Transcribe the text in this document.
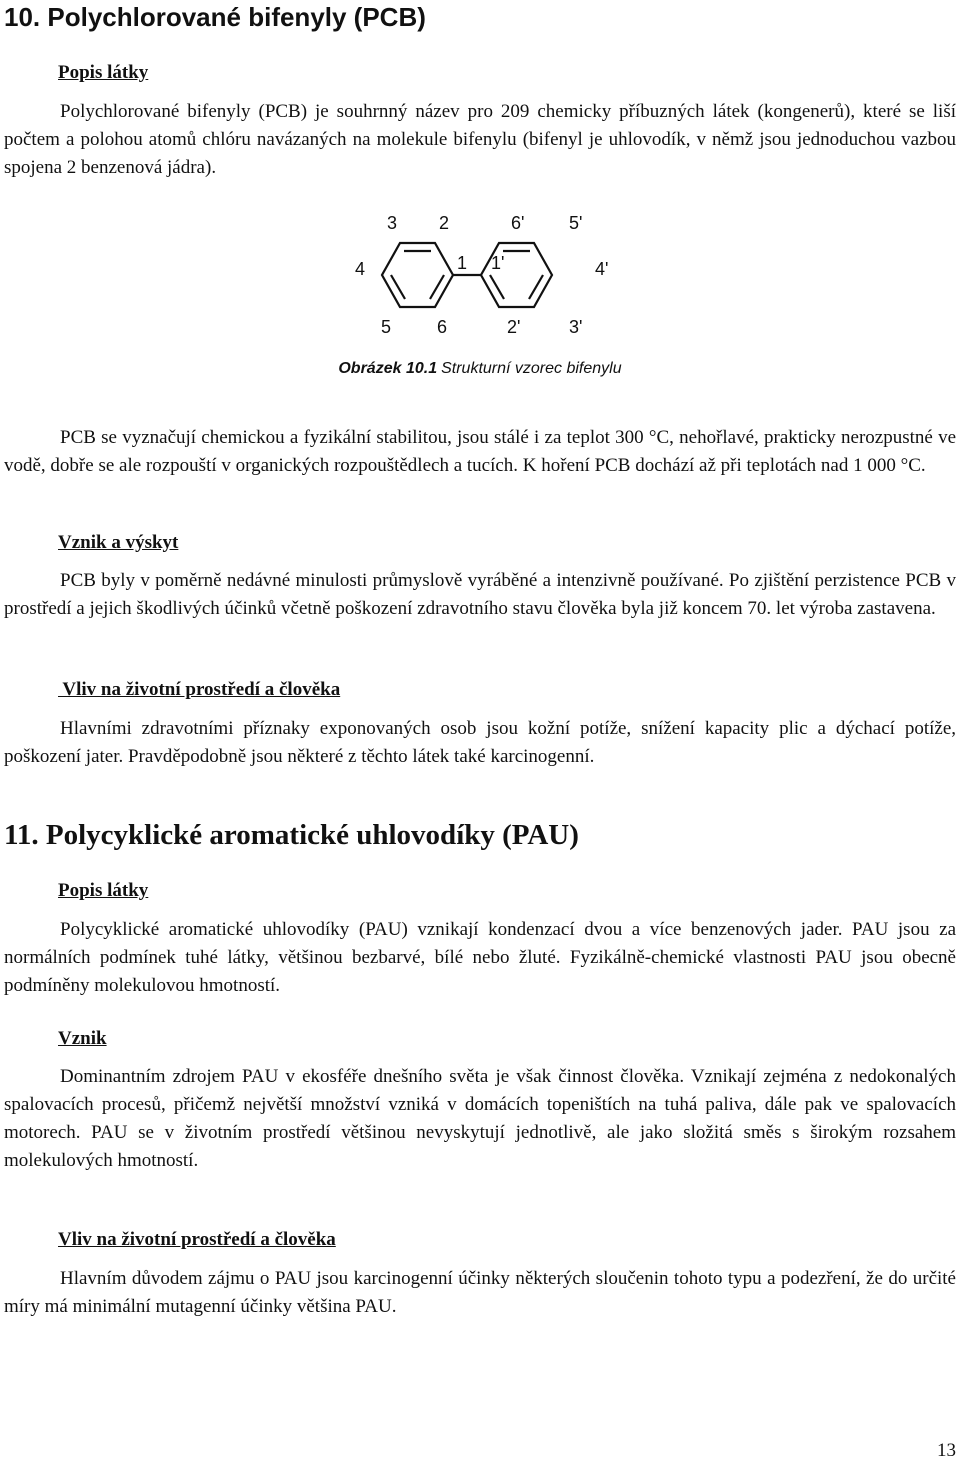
10. Polychlorované bifenyly (PCB)
Popis látky

Polychlorované bifenyly (PCB) je souhrnný název pro 209 chemicky příbuzných látek (kongenerů), které se liší počtem a polohou atomů chlóru navázaných na molekule bifenylu (bifenyl je uhlovodík, v němž jsou jednoduchou vazbou spojena 2 benzenová jádra).

3 2	6' 5'
4	1 1'	4'
5	6	2'	3'

Obrázek 10.1 Strukturní vzorec bifenylu

PCB se vyznačují chemickou a fyzikální stabilitou, jsou stálé i za teplot 300 °C, nehořlavé, prakticky nerozpustné ve vodě, dobře se ale rozpouští v organických rozpouštědlech a tucích. K hoření PCB dochází až při teplotách nad 1 000 °C.

Vznik a výskyt

PCB byly v poměrně nedávné minulosti průmyslově vyráběné a intenzivně používané. Po zjištění perzistence PCB v prostředí a jejich škodlivých účinků včetně poškození zdravotního stavu člověka byla již koncem 70. let výroba zastavena.

Vliv na životní prostředí a člověka

Hlavními zdravotními příznaky exponovaných osob jsou kožní potíže, snížení kapacity plic a dýchací potíže, poškození jater. Pravděpodobně jsou některé z těchto látek také karcinogenní.

11. Polycyklické aromatické uhlovodíky (PAU)
Popis látky

Polycyklické aromatické uhlovodíky (PAU) vznikají kondenzací dvou a více benzenových jader. PAU jsou za normálních podmínek tuhé látky, většinou bezbarvé, bílé nebo žluté. Fyzikálně-chemické vlastnosti PAU jsou obecně podmíněny molekulovou hmotností.

Vznik

Dominantním zdrojem PAU v ekosféře dnešního světa je však činnost člověka. Vznikají zejména z nedokonalých spalovacích procesů, přičemž největší množství vzniká v domácích topeništích na tuhá paliva, dále pak ve spalovacích motorech. PAU se v životním prostředí většinou nevyskytují jednotlivě, ale jako složitá směs s širokým rozsahem molekulových hmotností.

Vliv na životní prostředí a člověka

Hlavním důvodem zájmu o PAU jsou karcinogenní účinky některých sloučenin tohoto typu a podezření, že do určité míry má minimální mutagenní účinky většina PAU.

13
